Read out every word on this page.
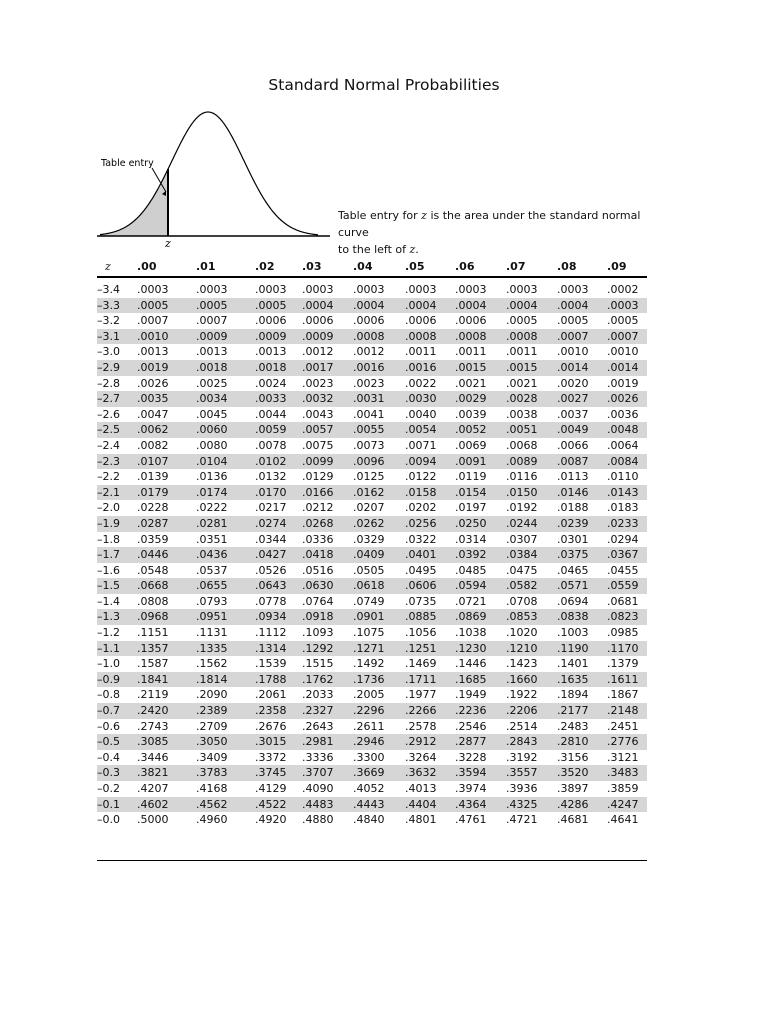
Standard Normal Probabilities
Table entry
z
Table entry for z is the area under the standard normal curve
to the left of z.
z .00	.01	.02	.03	.04	.05	.06	.07	.08	.09
–3.4 .0003	.0003	.0003 .0003 .0003 .0003 .0003 .0003 .0003 .0002
–3.3 .0005	.0005	.0005 .0004 .0004 .0004 .0004 .0004 .0004 .0003
–3.2 .0007	.0007	.0006 .0006 .0006 .0006 .0006 .0005 .0005 .0005
–3.1 .0010	.0009	.0009 .0009 .0008 .0008 .0008 .0008 .0007 .0007
–3.0 .0013	.0013	.0013 .0012 .0012 .0011 .0011 .0011 .0010 .0010
–2.9 .0019	.0018	.0018 .0017 .0016 .0016 .0015 .0015 .0014 .0014
–2.8 .0026	.0025	.0024 .0023 .0023 .0022 .0021 .0021 .0020 .0019
–2.7 .0035	.0034	.0033 .0032 .0031 .0030 .0029 .0028 .0027 .0026
–2.6 .0047	.0045	.0044 .0043 .0041 .0040 .0039 .0038 .0037 .0036
–2.5 .0062	.0060	.0059 .0057 .0055 .0054 .0052 .0051 .0049 .0048
–2.4 .0082	.0080	.0078 .0075 .0073 .0071 .0069 .0068 .0066 .0064
–2.3 .0107	.0104	.0102 .0099 .0096 .0094 .0091 .0089 .0087 .0084
–2.2 .0139	.0136	.0132 .0129 .0125 .0122 .0119 .0116 .0113 .0110
–2.1 .0179	.0174	.0170 .0166 .0162 .0158 .0154 .0150 .0146 .0143
–2.0 .0228	.0222	.0217 .0212 .0207 .0202 .0197 .0192 .0188 .0183
–1.9 .0287	.0281	.0274 .0268 .0262 .0256 .0250 .0244 .0239 .0233
–1.8 .0359	.0351	.0344 .0336 .0329 .0322 .0314 .0307 .0301 .0294
–1.7 .0446	.0436	.0427 .0418 .0409 .0401 .0392 .0384 .0375 .0367
–1.6 .0548	.0537	.0526 .0516 .0505 .0495 .0485 .0475 .0465 .0455
–1.5 .0668	.0655	.0643 .0630 .0618 .0606 .0594 .0582 .0571 .0559
–1.4 .0808	.0793	.0778 .0764 .0749 .0735 .0721 .0708 .0694 .0681
–1.3 .0968	.0951	.0934 .0918 .0901 .0885 .0869 .0853 .0838 .0823
–1.2 .1151	.1131	.1112 .1093 .1075 .1056 .1038 .1020 .1003 .0985
–1.1 .1357	.1335	.1314 .1292 .1271 .1251 .1230 .1210 .1190 .1170
–1.0 .1587	.1562	.1539 .1515 .1492 .1469 .1446 .1423 .1401 .1379
–0.9 .1841	.1814	.1788 .1762 .1736 .1711 .1685 .1660 .1635 .1611
–0.8 .2119	.2090	.2061 .2033 .2005 .1977 .1949 .1922 .1894 .1867
–0.7 .2420	.2389	.2358 .2327 .2296 .2266 .2236 .2206 .2177 .2148
–0.6 .2743	.2709	.2676 .2643 .2611 .2578 .2546 .2514 .2483 .2451
–0.5 .3085	.3050	.3015 .2981 .2946 .2912 .2877 .2843 .2810 .2776
–0.4 .3446	.3409	.3372 .3336 .3300 .3264 .3228 .3192 .3156 .3121
–0.3 .3821	.3783	.3745 .3707 .3669 .3632 .3594 .3557 .3520 .3483
–0.2 .4207	.4168	.4129 .4090 .4052 .4013 .3974 .3936 .3897 .3859
–0.1 .4602	.4562	.4522 .4483 .4443 .4404 .4364 .4325 .4286 .4247
–0.0 .5000	.4960	.4920 .4880 .4840 .4801 .4761 .4721 .4681 .4641
